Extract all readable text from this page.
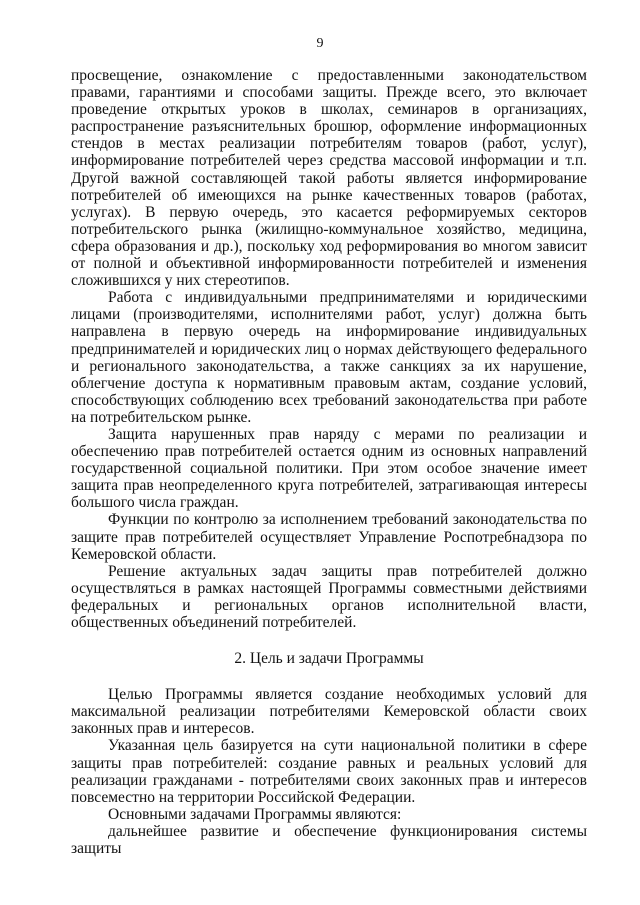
9

просвещение, ознакомление с предоставленными законодательством правами, гарантиями и способами защиты. Прежде всего, это включает проведение открытых уроков в школах, семинаров в организациях, распространение разъяснительных брошюр, оформление информационных стендов в местах реализации потребителям товаров (работ, услуг), информирование потребителей через средства массовой информации и т.п. Другой важной составляющей такой работы является информирование потребителей об имеющихся на рынке качественных товаров (работах, услугах). В первую очередь, это касается реформируемых секторов потребительского рынка (жилищно-коммунальное хозяйство, медицина, сфера образования и др.), поскольку ход реформирования во многом зависит от полной и объективной информированности потребителей и изменения сложившихся у них стереотипов.

Работа с индивидуальными предпринимателями и юридическими лицами (производителями, исполнителями работ, услуг) должна быть направлена в первую очередь на информирование индивидуальных предпринимателей и юридических лиц о нормах действующего федерального и регионального законодательства, а также санкциях за их нарушение, облегчение доступа к нормативным правовым актам, создание условий, способствующих соблюдению всех требований законодательства при работе на потребительском рынке.

Защита нарушенных прав наряду с мерами по реализации и обеспечению прав потребителей остается одним из основных направлений государственной социальной политики. При этом особое значение имеет защита прав неопределенного круга потребителей, затрагивающая интересы большого числа граждан.

Функции по контролю за исполнением требований законодательства по защите прав потребителей осуществляет Управление Роспотребнадзора по Кемеровской области.

Решение актуальных задач защиты прав потребителей должно осуществляться в рамках настоящей Программы совместными действиями федеральных и региональных органов исполнительной власти, общественных объединений потребителей.

2. Цель и задачи Программы

Целью Программы является создание необходимых условий для максимальной реализации потребителями Кемеровской области своих законных прав и интересов.

Указанная цель базируется на сути национальной политики в сфере защиты прав потребителей: создание равных и реальных условий для реализации гражданами - потребителями своих законных прав и интересов повсеместно на территории Российской Федерации.

Основными задачами Программы являются:

дальнейшее развитие и обеспечение функционирования системы защиты
